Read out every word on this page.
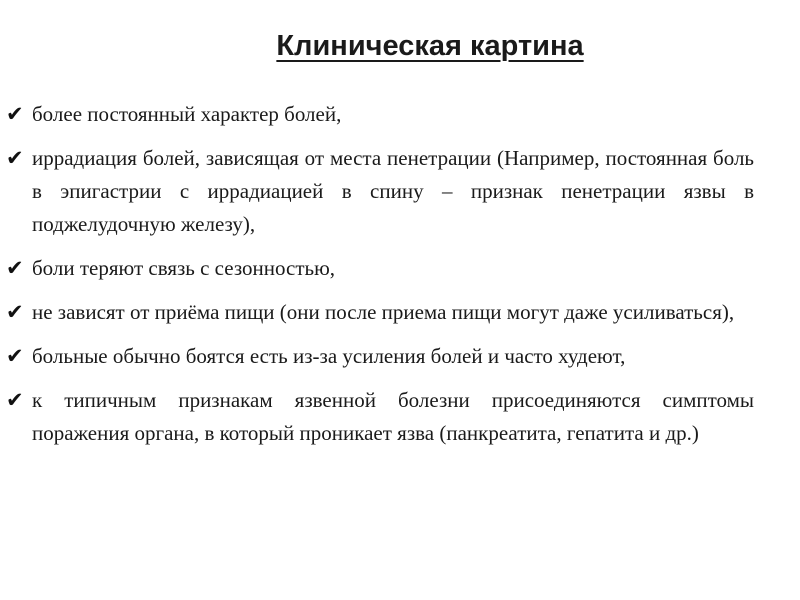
Клиническая картина
✔ более постоянный характер болей,
✔ иррадиация болей, зависящая от места пенетрации (Например, постоянная боль в эпигастрии с иррадиацией в спину – признак пенетрации язвы в поджелудочную железу),
✔ боли теряют связь с сезонностью,
✔ не зависят от приёма пищи (они после приема пищи могут даже усиливаться),
✔ больные обычно боятся есть из-за усиления болей и часто худеют,
✔ к типичным признакам язвенной болезни присоединяются симптомы поражения органа, в который проникает язва (панкреатита, гепатита и др.)
